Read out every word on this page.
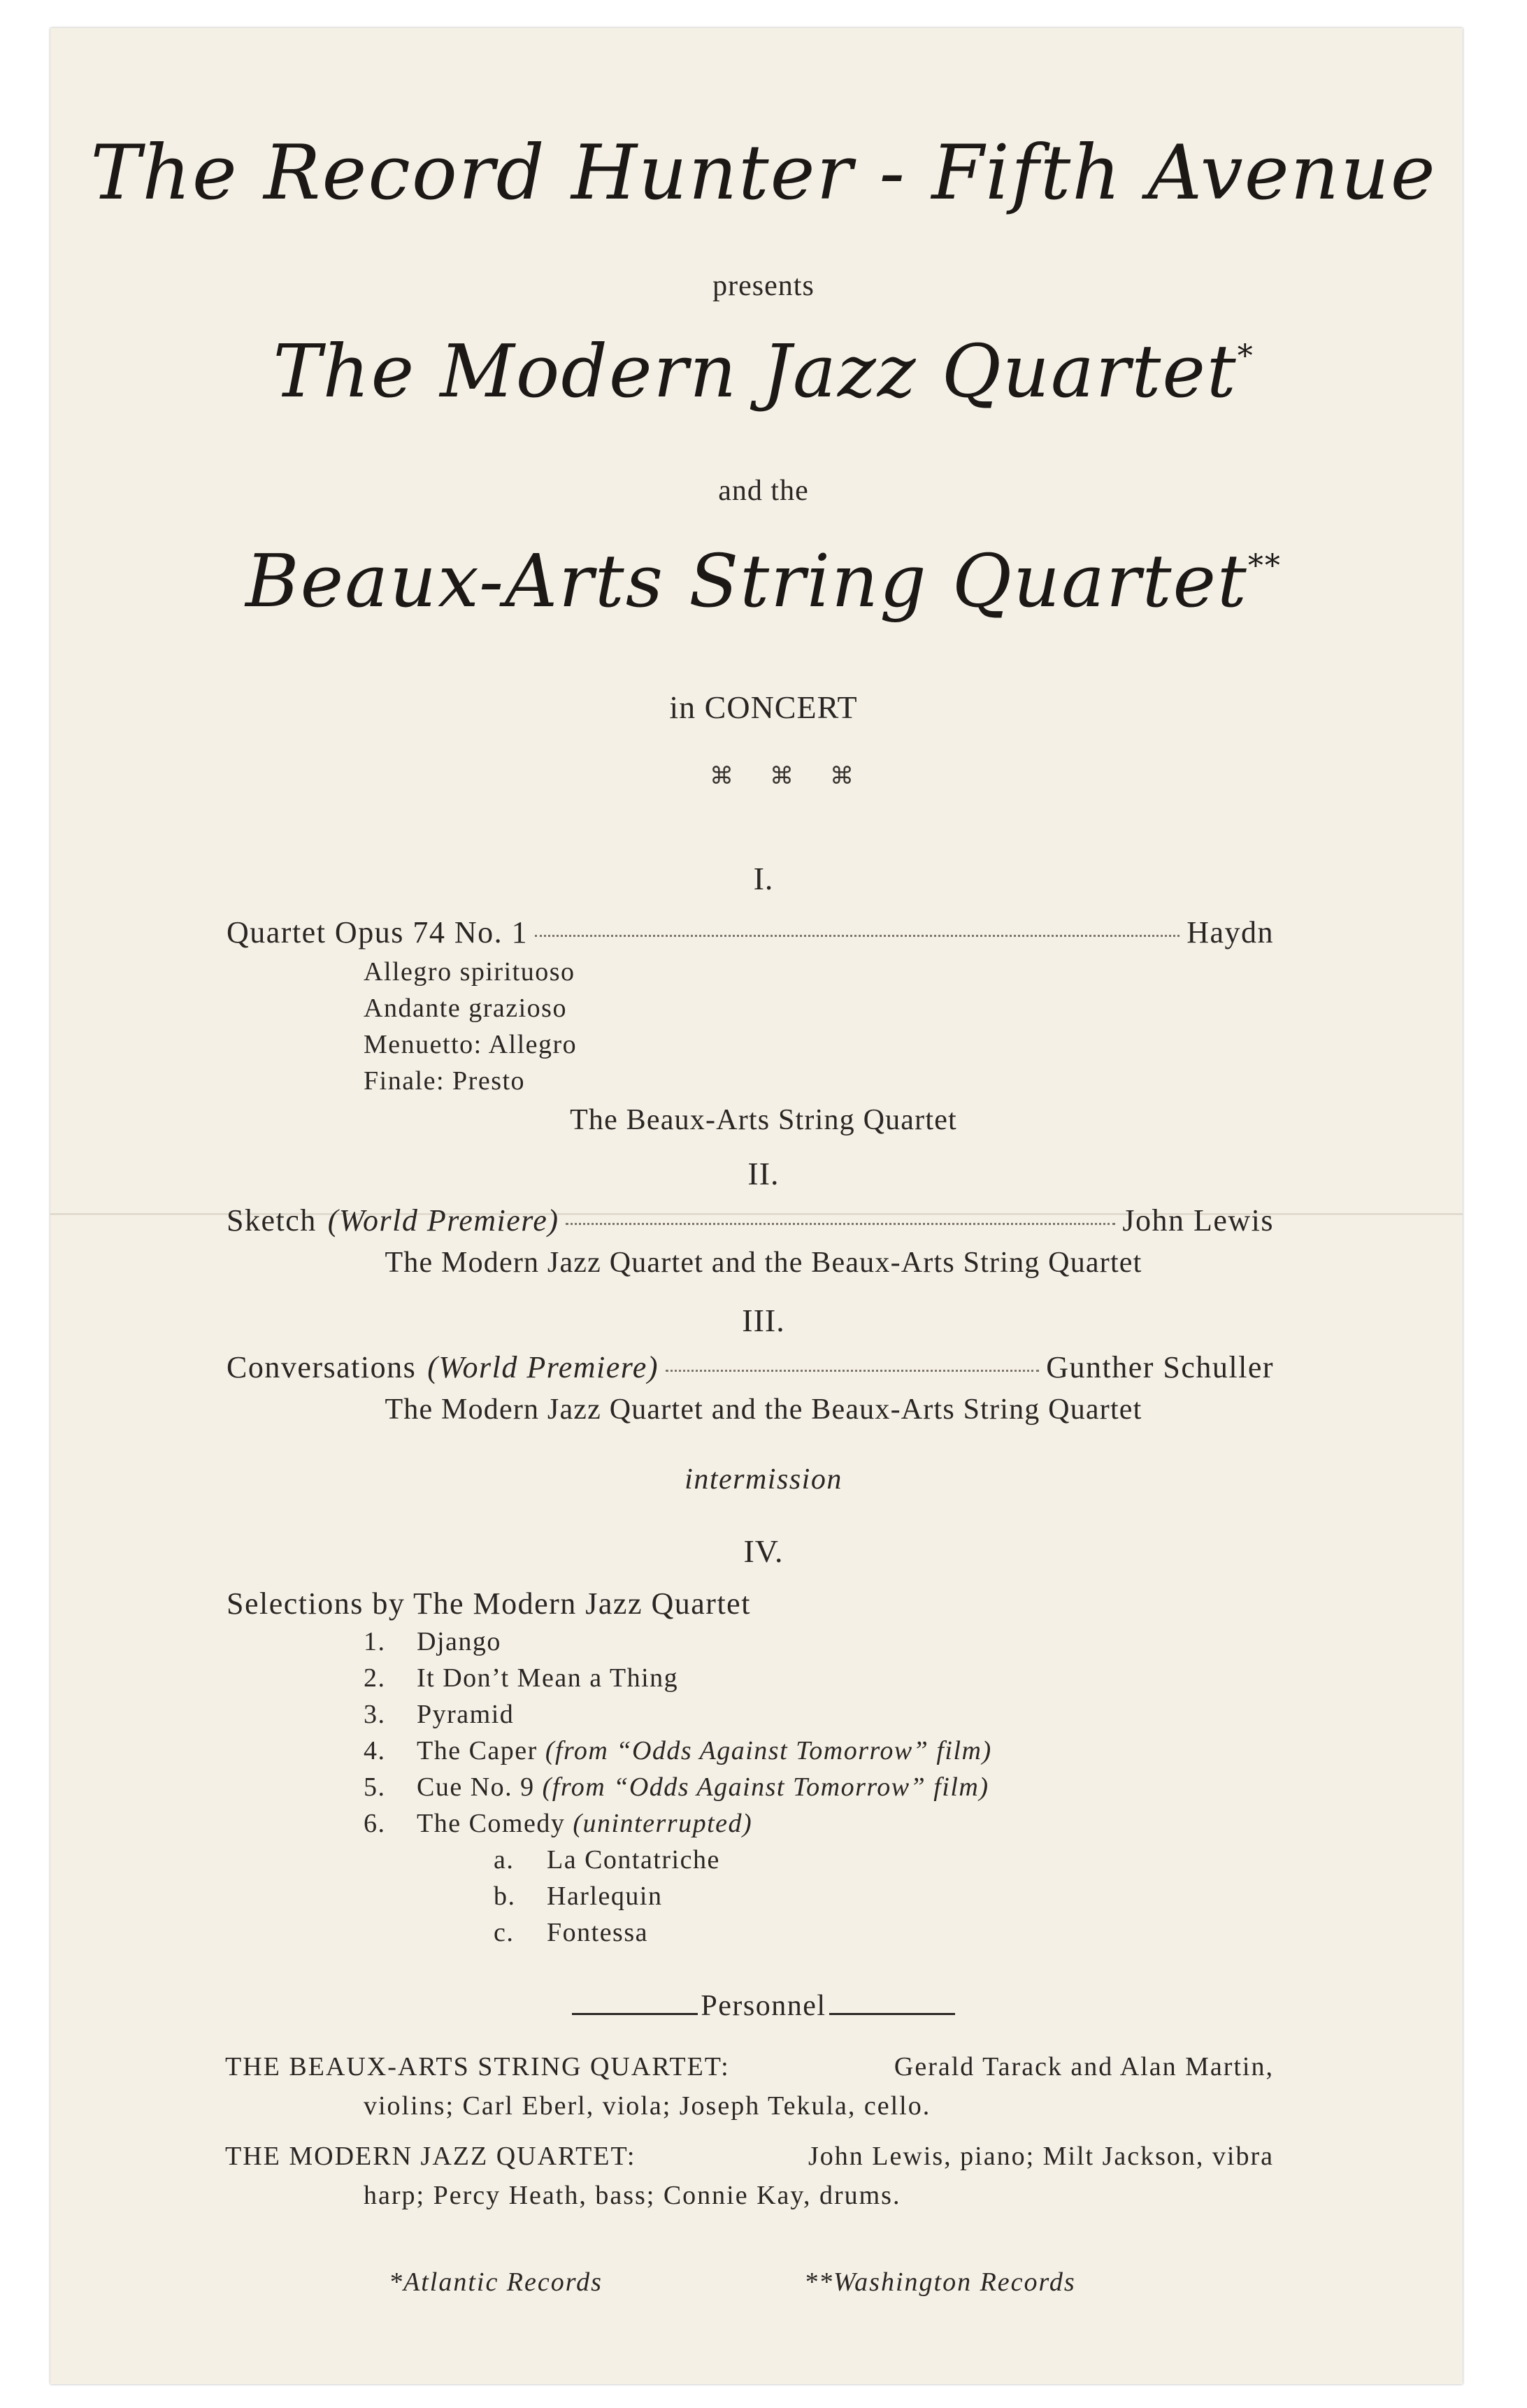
The Record Hunter - Fifth Avenue
presents
The Modern Jazz Quartet*
and the
Beaux-Arts String Quartet**
in CONCERT
⌘⌘⌘
I.
Quartet Opus 74 No. 1	Haydn
Allegro spirituoso
Andante grazioso
Menuetto: Allegro
Finale: Presto
The Beaux-Arts String Quartet
II.
Sketch (World Premiere)	John Lewis
The Modern Jazz Quartet and the Beaux-Arts String Quartet
III.
Conversations (World Premiere)	Gunther Schuller
The Modern Jazz Quartet and the Beaux-Arts String Quartet
intermission
IV.
Selections by The Modern Jazz Quartet
1. Django
2. It Don’t Mean a Thing
3. Pyramid
4. The Caper (from “Odds Against Tomorrow” film)
5. Cue No. 9 (from “Odds Against Tomorrow” film)
6. The Comedy (uninterrupted)
a. La Contatriche
b. Harlequin
c. Fontessa
Personnel
THE BEAUX-ARTS STRING QUARTET:	Gerald Tarack and Alan Martin,
violins; Carl Eberl, viola; Joseph Tekula, cello.
THE MODERN JAZZ QUARTET:	John Lewis, piano; Milt Jackson, vibra
harp; Percy Heath, bass; Connie Kay, drums.
*Atlantic Records	**Washington Records
